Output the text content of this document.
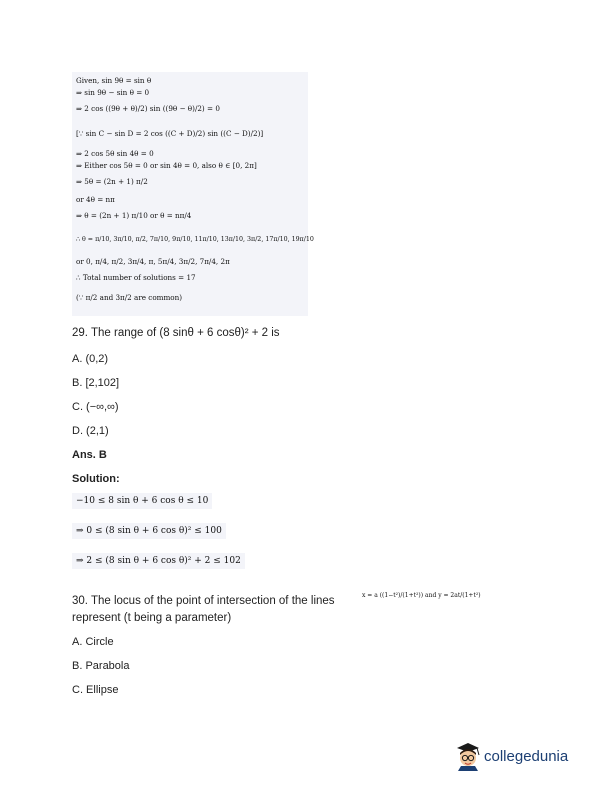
Given, sin 9θ = sin θ
⇒ sin 9θ − sin θ = 0
⇒ 2 cos ((9θ + θ)/2) sin ((9θ − θ)/2) = 0
[∵ sin C − sin D = 2 cos ((C + D)/2) sin ((C − D)/2)]
⇒ 2 cos 5θ sin 4θ = 0
⇒ Either cos 5θ = 0 or sin 4θ = 0, also θ ∈ [0, 2π]
⇒ 5θ = (2n + 1) π/2
or 4θ = nπ
⇒ θ = (2n + 1) π/10 or θ = nπ/4
∴ θ = π/10, 3π/10, π/2, 7π/10, 9π/10, 11π/10, 13π/10, 3π/2, 17π/10, 19π/10
or 0, π/4, π/2, 3π/4, π, 5π/4, 3π/2, 7π/4, 2π
∴ Total number of solutions = 17
(∵ π/2 and 3π/2 are common)
29. The range of (8 sinθ + 6 cosθ)² + 2 is
A. (0,2)
B. [2,102]
C. (−∞,∞)
D. (2,1)
Ans. B
Solution:
−10 ≤ 8 sin θ + 6 cos θ ≤ 10
⇒ 0 ≤ (8 sin θ + 6 cos θ)² ≤ 100
⇒ 2 ≤ (8 sin θ + 6 cos θ)² + 2 ≤ 102
30. The locus of the point of intersection of the lines	x = a ((1−t²)/(1+t²)) and y = 2at/(1+t²)
represent (t being a parameter)
A. Circle
B. Parabola
C. Ellipse
collegedunia
